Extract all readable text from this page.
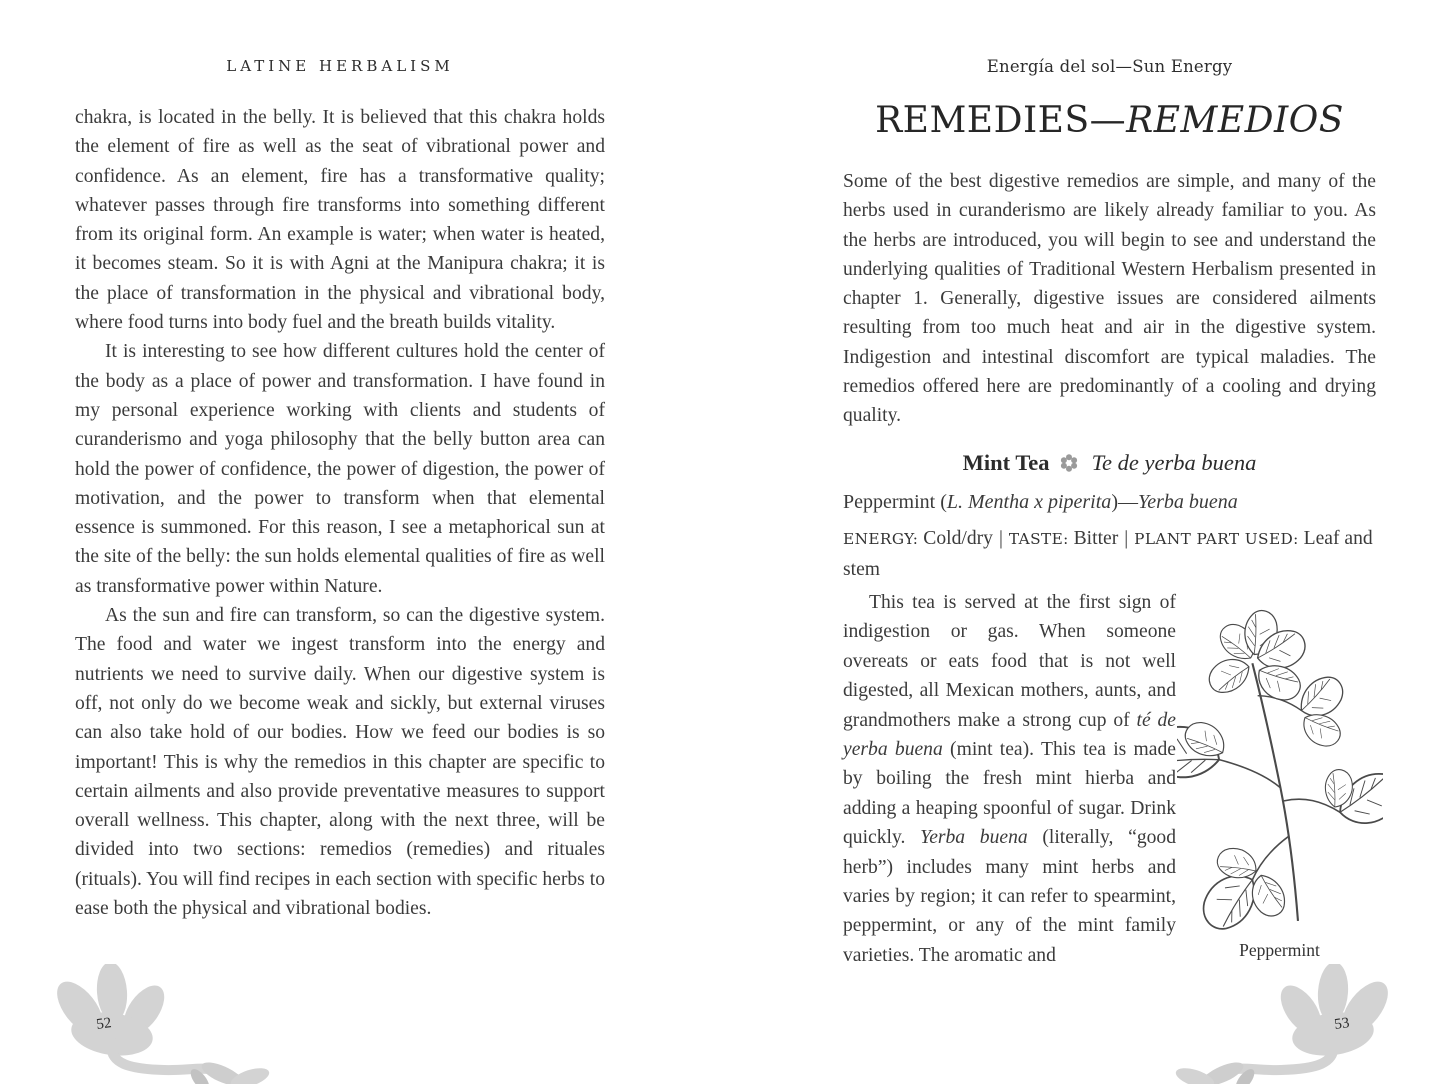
LATINE HERBALISM

chakra, is located in the belly. It is believed that this chakra holds the element of fire as well as the seat of vibrational power and confidence. As an element, fire has a transformative quality; whatever passes through fire transforms into something different from its original form. An example is water; when water is heated, it becomes steam. So it is with Agni at the Manipura chakra; it is the place of transformation in the physical and vibrational body, where food turns into body fuel and the breath builds vitality.

It is interesting to see how different cultures hold the center of the body as a place of power and transformation. I have found in my personal experience working with clients and students of curanderismo and yoga philosophy that the belly button area can hold the power of confidence, the power of digestion, the power of motivation, and the power to transform when that elemental essence is summoned. For this reason, I see a metaphorical sun at the site of the belly: the sun holds elemental qualities of fire as well as transformative power within Nature.

As the sun and fire can transform, so can the digestive system. The food and water we ingest transform into the energy and nutrients we need to survive daily. When our digestive system is off, not only do we become weak and sickly, but external viruses can also take hold of our bodies. How we feed our bodies is so important! This is why the remedios in this chapter are specific to certain ailments and also provide preventative measures to support overall wellness. This chapter, along with the next three, will be divided into two sections: remedios (remedies) and rituales (rituals). You will find recipes in each section with specific herbs to ease both the physical and vibrational bodies.

Energía del sol—Sun Energy
REMEDIES—REMEDIOS
Some of the best digestive remedios are simple, and many of the herbs used in curanderismo are likely already familiar to you. As the herbs are introduced, you will begin to see and understand the underlying qualities of Traditional Western Herbalism presented in chapter 1. Generally, digestive issues are considered ailments resulting from too much heat and air in the digestive system. Indigestion and intestinal discomfort are typical maladies. The remedios offered here are predominantly of a cooling and drying quality.
Mint Tea Te de yerba buena
Peppermint (L. Mentha x piperita)—Yerba buena
ENERGY: Cold/dry | TASTE: Bitter | PLANT PART USED: Leaf and stem
This tea is served at the first sign of indigestion or gas. When someone overeats or eats food that is not well digested, all Mexican mothers, aunts, and grandmothers make a strong cup of té de yerba buena (mint tea). This tea is made by boiling the fresh mint hierba and adding a heaping spoonful of sugar. Drink quickly. Yerba buena (literally, “good herb”) includes many mint herbs and varies by region; it can refer to spearmint, peppermint, or any of the mint family varieties. The aromatic and	Peppermint
52	53
